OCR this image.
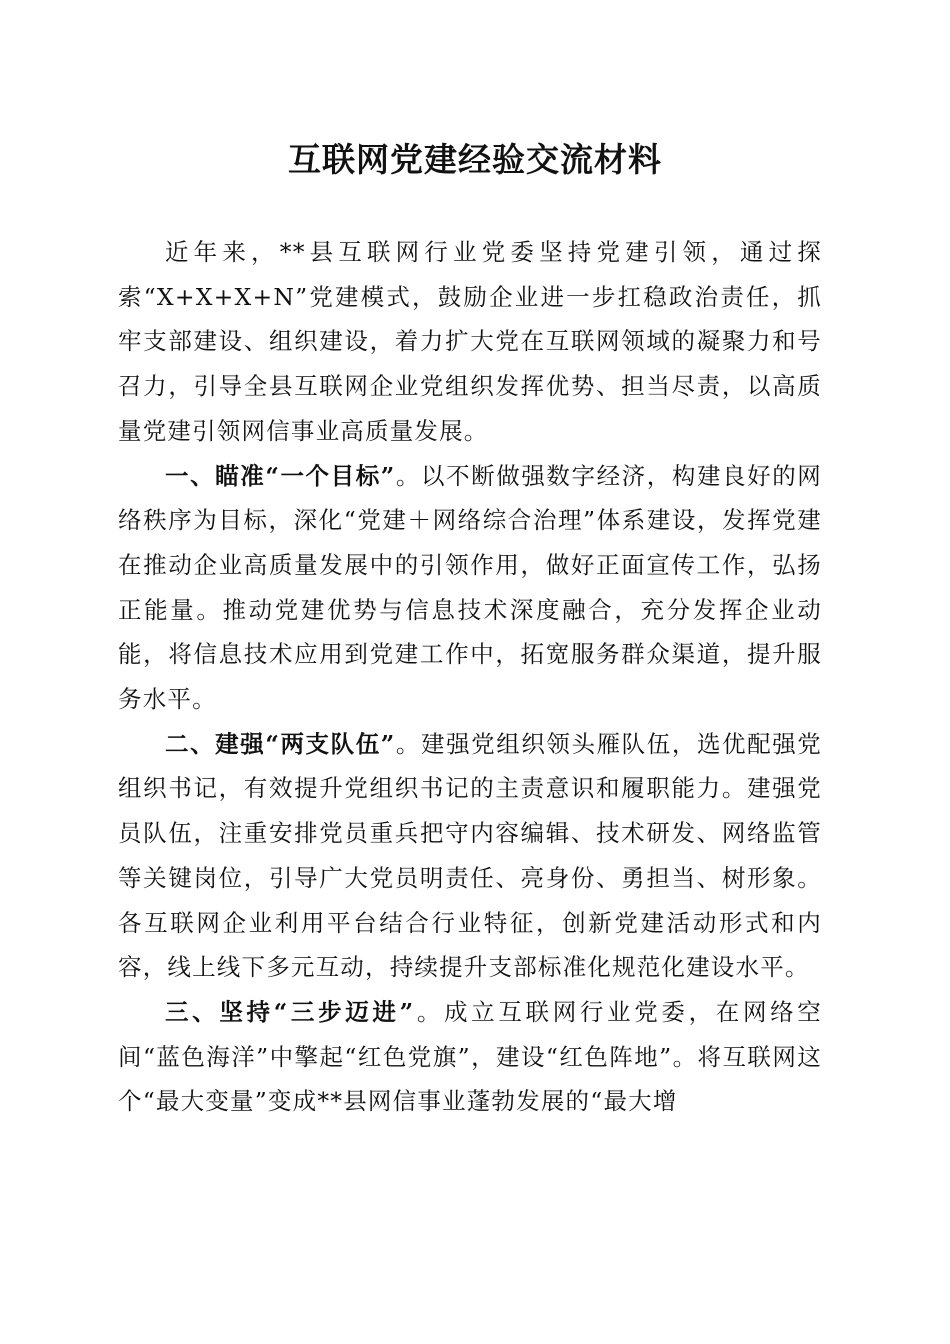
互联网党建经验交流材料

近年来，**县互联网行业党委坚持党建引领，通过探索“X+X+X+N”党建模式，鼓励企业进一步扛稳政治责任，抓牢支部建设、组织建设，着力扩大党在互联网领域的凝聚力和号召力，引导全县互联网企业党组织发挥优势、担当尽责，以高质量党建引领网信事业高质量发展。

一、瞄准“一个目标”。以不断做强数字经济，构建良好的网络秩序为目标，深化“党建＋网络综合治理”体系建设，发挥党建在推动企业高质量发展中的引领作用，做好正面宣传工作，弘扬正能量。推动党建优势与信息技术深度融合，充分发挥企业动能，将信息技术应用到党建工作中，拓宽服务群众渠道，提升服务水平。

二、建强“两支队伍”。建强党组织领头雁队伍，选优配强党组织书记，有效提升党组织书记的主责意识和履职能力。建强党员队伍，注重安排党员重兵把守内容编辑、技术研发、网络监管等关键岗位，引导广大党员明责任、亮身份、勇担当、树形象。各互联网企业利用平台结合行业特征，创新党建活动形式和内容，线上线下多元互动，持续提升支部标准化规范化建设水平。

三、坚持“三步迈进”。成立互联网行业党委，在网络空间“蓝色海洋”中擎起“红色党旗”，建设“红色阵地”。将互联网这个“最大变量”变成**县网信事业蓬勃发展的“最大增
